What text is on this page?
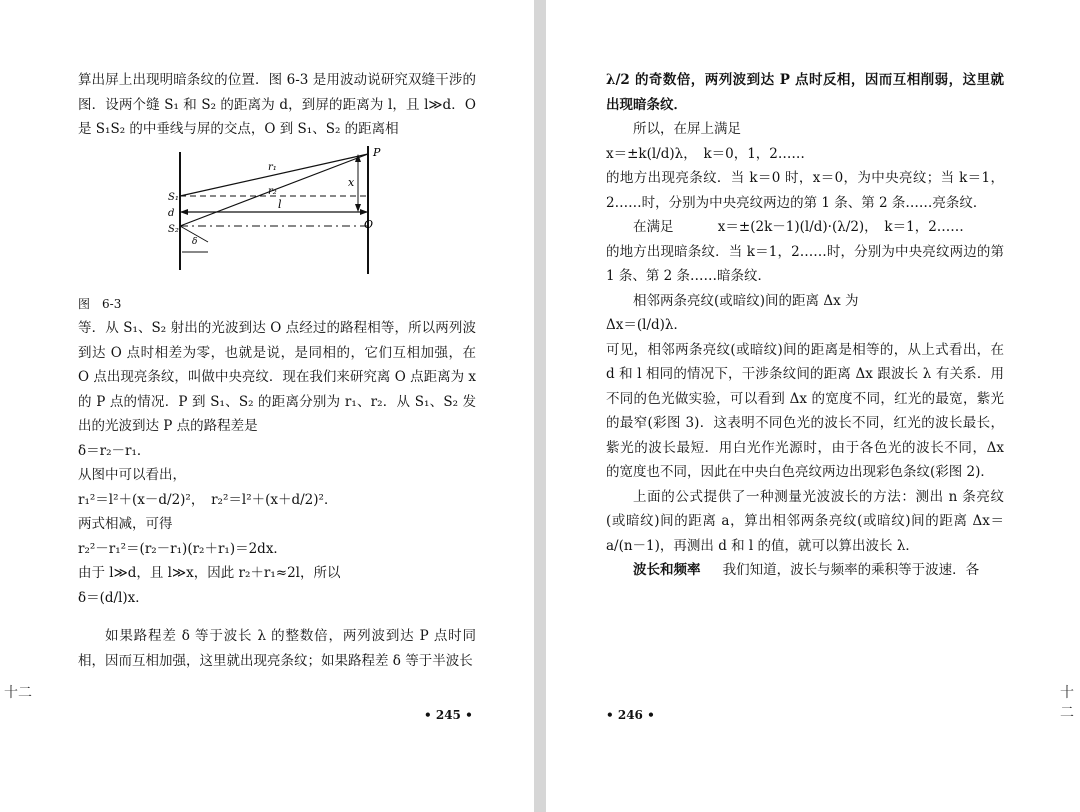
算出屏上出现明暗条纹的位置．图 6-3 是用波动说研究双缝干涉的图．设两个缝 S₁ 和 S₂ 的距离为 d，到屏的距离为 l，且 l≫d．O 是 S₁S₂ 的中垂线与屏的交点，O 到 S₁、S₂ 的距离相

P
x
O
r₁
r₂
S₁
S₂
d
l
δ

图　6-3

等．从 S₁、S₂ 射出的光波到达 O 点经过的路程相等，所以两列波到达 O 点时相差为零，也就是说，是同相的，它们互相加强，在 O 点出现亮条纹，叫做中央亮纹．现在我们来研究离 O 点距离为 x 的 P 点的情况．P 到 S₁、S₂ 的距离分别为 r₁、r₂．从 S₁、S₂ 发出的光波到达 P 点的路程差是

δ＝r₂－r₁．

从图中可以看出，

r₁²＝l²＋(x－d/2)²，　r₂²＝l²＋(x＋d/2)²．

两式相减，可得

r₂²－r₁²＝(r₂－r₁)(r₂＋r₁)＝2dx．

由于 l≫d，且 l≫x，因此 r₂＋r₁≈2l，所以

δ＝(d/l)x．

如果路程差 δ 等于波长 λ 的整数倍，两列波到达 P 点时同相，因而互相加强，这里就出现亮条纹；如果路程差 δ 等于半波长

• 245 •
十二

λ/2 的奇数倍，两列波到达 P 点时反相，因而互相削弱，这里就出现暗条纹．

所以，在屏上满足

x＝±k(l/d)λ，　k＝0，1，2……

的地方出现亮条纹．当 k＝0 时，x＝0，为中央亮纹；当 k＝1，2……时，分别为中央亮纹两边的第 1 条、第 2 条……亮条纹．

在满足	x＝±(2k－1)(l/d)·(λ/2)，　k＝1，2……

的地方出现暗条纹．当 k＝1，2……时，分别为中央亮纹两边的第 1 条、第 2 条……暗条纹．

相邻两条亮纹(或暗纹)间的距离 Δx 为

Δx＝(l/d)λ．

可见，相邻两条亮纹(或暗纹)间的距离是相等的，从上式看出，在 d 和 l 相同的情况下，干涉条纹间的距离 Δx 跟波长 λ 有关系．用不同的色光做实验，可以看到 Δx 的宽度不同，红光的最宽，紫光的最窄(彩图 3)．这表明不同色光的波长不同，红光的波长最长，紫光的波长最短．用白光作光源时，由于各色光的波长不同，Δx 的宽度也不同，因此在中央白色亮纹两边出现彩色条纹(彩图 2)．

上面的公式提供了一种测量光波波长的方法：测出 n 条亮纹(或暗纹)间的距离 a，算出相邻两条亮纹(或暗纹)间的距离 Δx＝a/(n－1)，再测出 d 和 l 的值，就可以算出波长 λ．

波长和频率 　 我们知道，波长与频率的乘积等于波速．各

• 246 •
十二
